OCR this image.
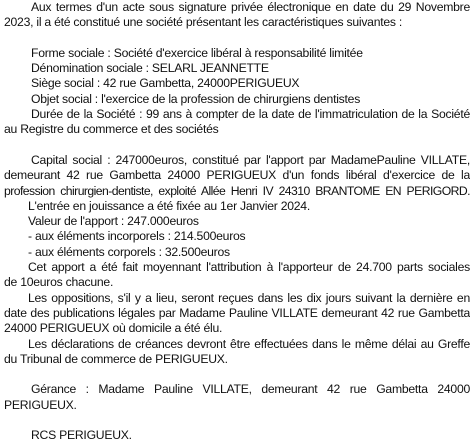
Aux termes d'un acte sous signature privée électronique en date du 29 Novembre
2023, il a été constitué une société présentant les caractéristiques suivantes :
Forme sociale : Société d'exercice libéral à responsabilité limitée
Dénomination sociale : SELARL JEANNETTE
Siège social : 42 rue Gambetta, 24000PERIGUEUX
Objet social : l'exercice de la profession de chirurgiens dentistes
Durée de la Société : 99 ans à compter de la date de l'immatriculation de la Société
au Registre du commerce et des sociétés
Capital social : 247000euros, constitué par l'apport par MadamePauline VILLATE,
demeurant 42 rue Gambetta 24000 PERIGUEUX d'un fonds libéral d'exercice de la
profession chirurgien-dentiste, exploité Allée Henri IV 24310 BRANTOME EN PERIGORD.
L'entrée en jouissance a été fixée au 1er Janvier 2024.
Valeur de l'apport : 247.000euros
- aux éléments incorporels : 214.500euros
- aux éléments corporels : 32.500euros
Cet apport a été fait moyennant l'attribution à l'apporteur de 24.700 parts sociales
de 10euros chacune.
Les oppositions, s'il y a lieu, seront reçues dans les dix jours suivant la dernière en
date des publications légales par Madame Pauline VILLATE demeurant 42 rue Gambetta
24000 PERIGUEUX où domicile a été élu.
Les déclarations de créances devront être effectuées dans le même délai au Greffe
du Tribunal de commerce de PERIGUEUX.
Gérance : Madame Pauline VILLATE, demeurant 42 rue Gambetta 24000
PERIGUEUX.
RCS PERIGUEUX.
